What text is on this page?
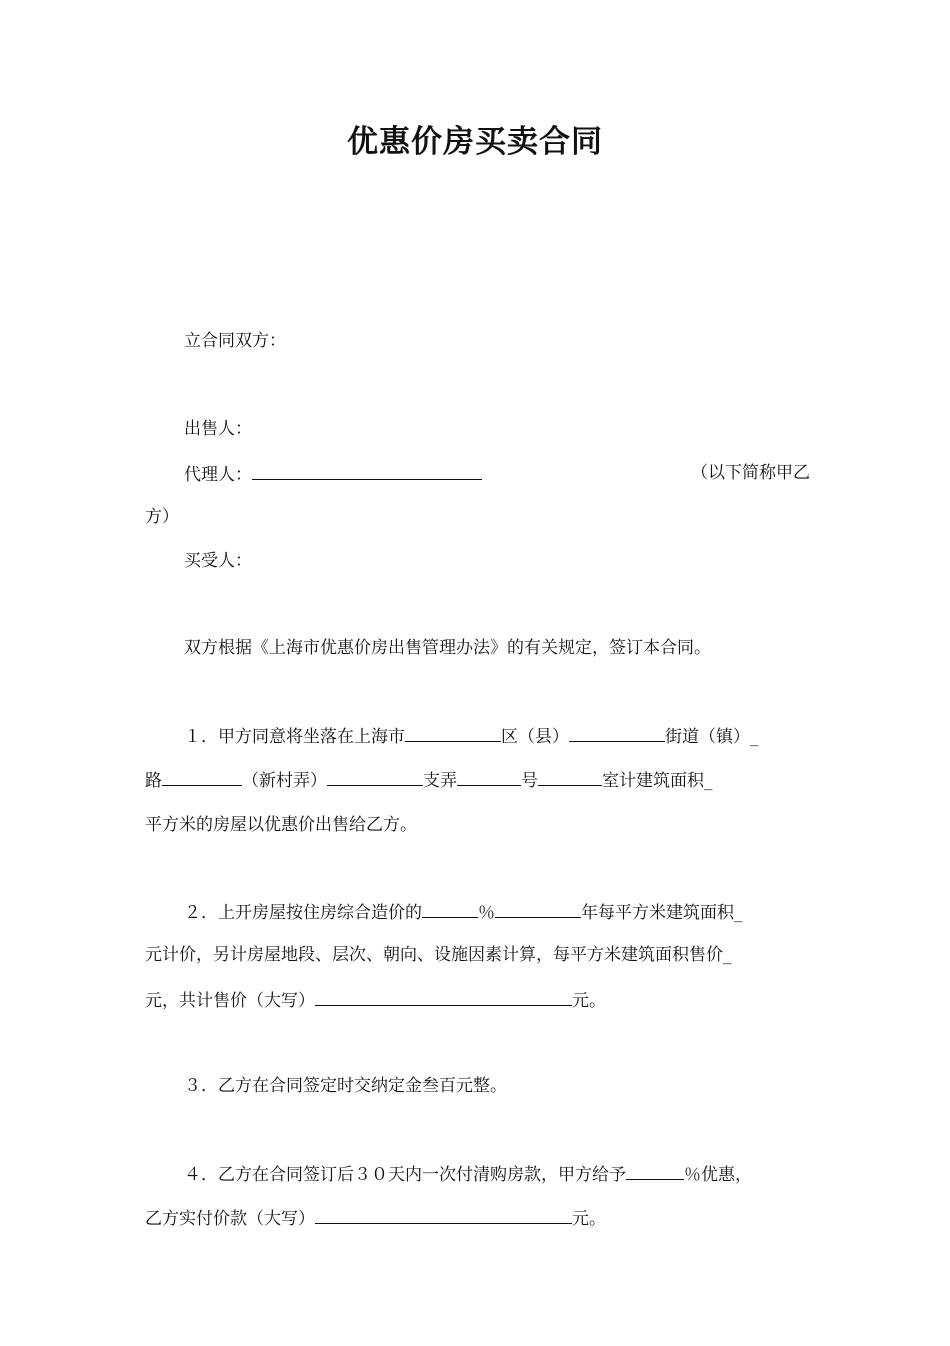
优惠价房买卖合同
立合同双方：
出售人：
代理人：	（以下简称甲乙
方）
买受人：
双方根据《上海市优惠价房出售管理办法》的有关规定，签订本合同。
１．甲方同意将坐落在上海市	区（县）	街道（镇）_
路	（新村弄）	支弄	号	室计建筑面积_
平方米的房屋以优惠价出售给乙方。
２．上开房屋按住房综合造价的	％	年每平方米建筑面积_
元计价，另计房屋地段、层次、朝向、设施因素计算，每平方米建筑面积售价_
元，共计售价（大写）	元。
３．乙方在合同签定时交纳定金叁百元整。
４．乙方在合同签订后３０天内一次付清购房款，甲方给予	％优惠，
乙方实付价款（大写）	元。
